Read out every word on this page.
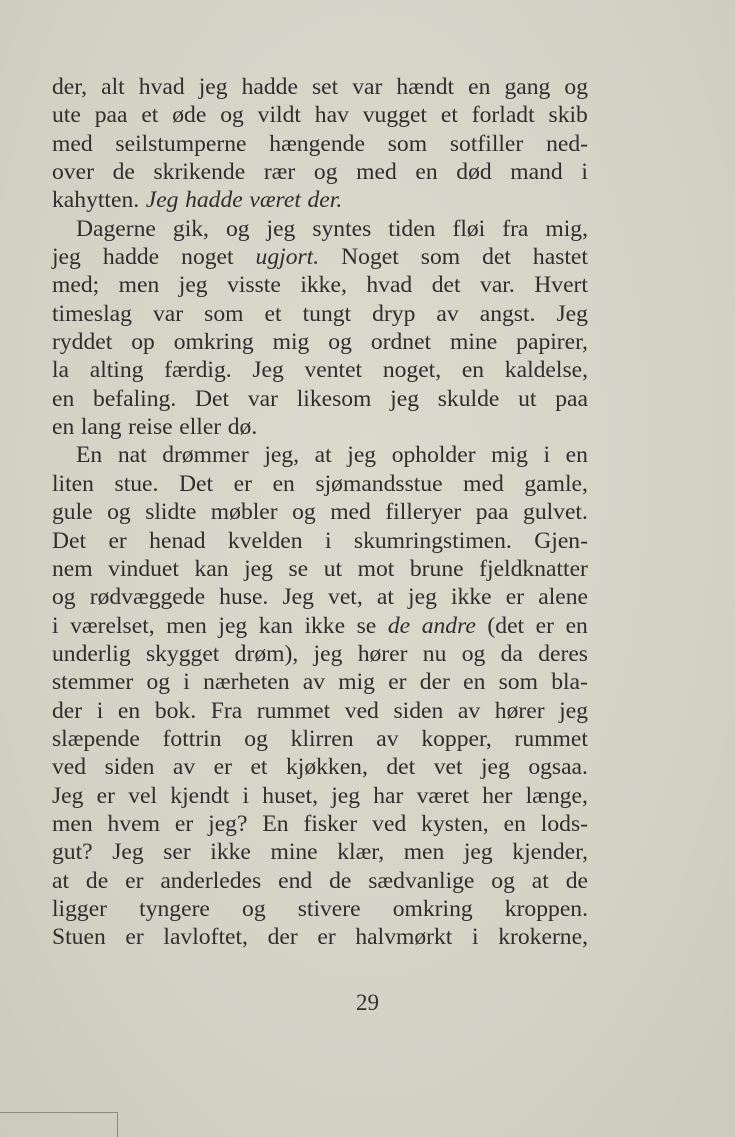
der, alt hvad jeg hadde set var hændt en gang og
ute paa et øde og vildt hav vugget et forladt skib
med seilstumperne hængende som sotfiller ned-
over de skrikende rær og med en død mand i
kahytten. Jeg hadde været der.
Dagerne gik, og jeg syntes tiden fløi fra mig,
jeg hadde noget ugjort. Noget som det hastet
med; men jeg visste ikke, hvad det var. Hvert
timeslag var som et tungt dryp av angst. Jeg
ryddet op omkring mig og ordnet mine papirer,
la alting færdig. Jeg ventet noget, en kaldelse,
en befaling. Det var likesom jeg skulde ut paa
en lang reise eller dø.
En nat drømmer jeg, at jeg opholder mig i en
liten stue. Det er en sjømandsstue med gamle,
gule og slidte møbler og med filleryer paa gulvet.
Det er henad kvelden i skumringstimen. Gjen-
nem vinduet kan jeg se ut mot brune fjeldknatter
og rødvæggede huse. Jeg vet, at jeg ikke er alene
i værelset, men jeg kan ikke se de andre (det er en
underlig skygget drøm), jeg hører nu og da deres
stemmer og i nærheten av mig er der en som bla-
der i en bok. Fra rummet ved siden av hører jeg
slæpende fottrin og klirren av kopper, rummet
ved siden av er et kjøkken, det vet jeg ogsaa.
Jeg er vel kjendt i huset, jeg har været her længe,
men hvem er jeg? En fisker ved kysten, en lods-
gut? Jeg ser ikke mine klær, men jeg kjender,
at de er anderledes end de sædvanlige og at de
ligger tyngere og stivere omkring kroppen.
Stuen er lavloftet, der er halvmørkt i krokerne,
29
